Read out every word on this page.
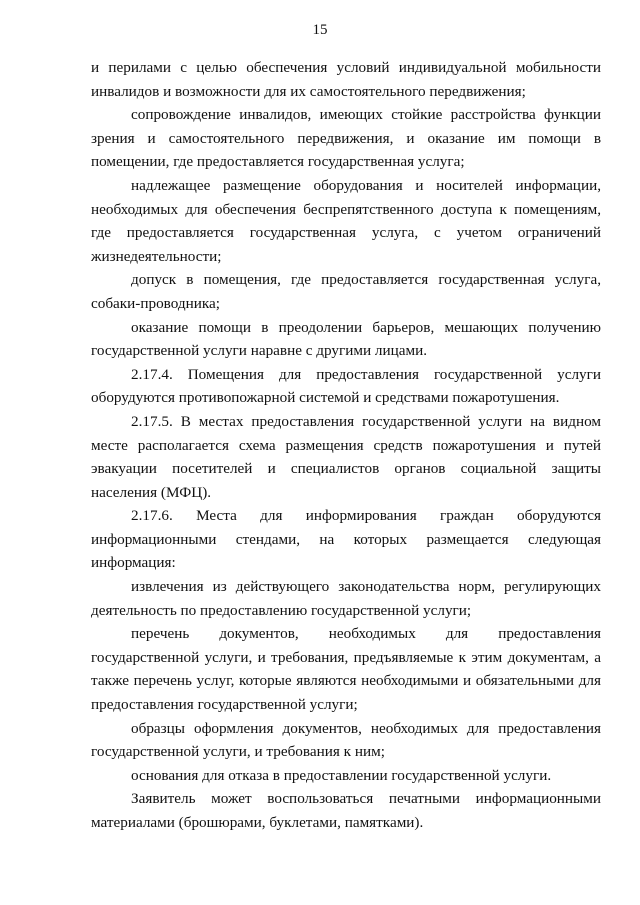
15

и перилами с целью обеспечения условий индивидуальной мобильности инвалидов и возможности для их самостоятельного передвижения;

сопровождение инвалидов, имеющих стойкие расстройства функции зрения и самостоятельного передвижения, и оказание им помощи в помещении, где предоставляется государственная услуга;

надлежащее размещение оборудования и носителей информации, необходимых для обеспечения беспрепятственного доступа к помещениям, где предоставляется государственная услуга, с учетом ограничений жизнедеятельности;

допуск в помещения, где предоставляется государственная услуга, собаки-проводника;

оказание помощи в преодолении барьеров, мешающих получению государственной услуги наравне с другими лицами.

2.17.4. Помещения для предоставления государственной услуги оборудуются противопожарной системой и средствами пожаротушения.

2.17.5. В местах предоставления государственной услуги на видном месте располагается схема размещения средств пожаротушения и путей эвакуации посетителей и специалистов органов социальной защиты населения (МФЦ).

2.17.6. Места для информирования граждан оборудуются информационными стендами, на которых размещается следующая информация:

извлечения из действующего законодательства норм, регулирующих деятельность по предоставлению государственной услуги;

перечень документов, необходимых для предоставления государственной услуги, и требования, предъявляемые к этим документам, а также перечень услуг, которые являются необходимыми и обязательными для предоставления государственной услуги;

образцы оформления документов, необходимых для предоставления государственной услуги, и требования к ним;

основания для отказа в предоставлении государственной услуги.

Заявитель может воспользоваться печатными информационными материалами (брошюрами, буклетами, памятками).
